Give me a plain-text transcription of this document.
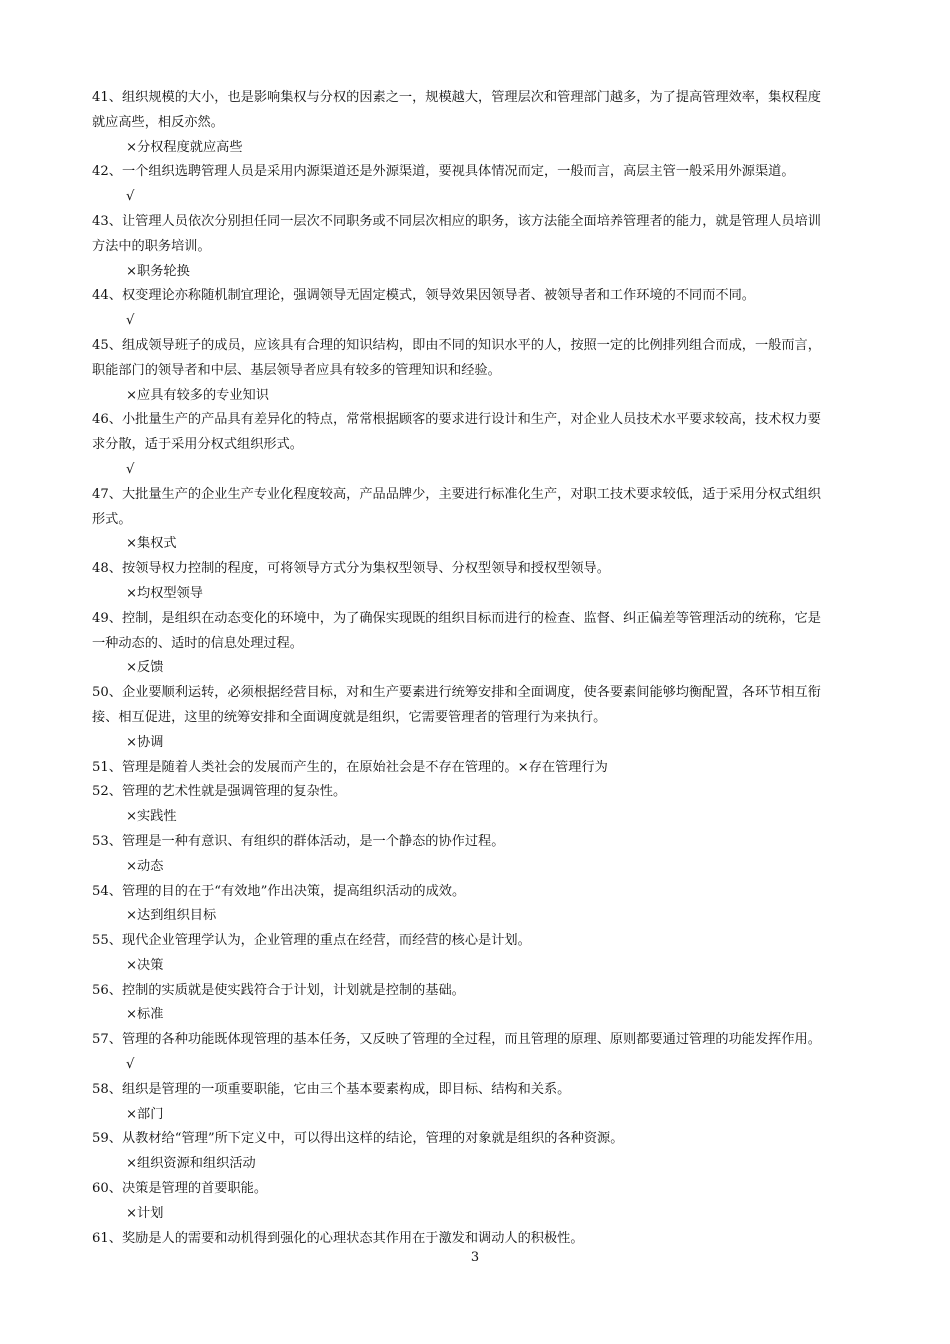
41、组织规模的大小，也是影响集权与分权的因素之一，规模越大，管理层次和管理部门越多，为了提高管理效率，集权程度
就应高些，相反亦然。
×分权程度就应高些
42、一个组织选聘管理人员是采用内源渠道还是外源渠道，要视具体情况而定，一般而言，高层主管一般采用外源渠道。
√
43、让管理人员依次分别担任同一层次不同职务或不同层次相应的职务，该方法能全面培养管理者的能力，就是管理人员培训
方法中的职务培训。
×职务轮换
44、权变理论亦称随机制宜理论，强调领导无固定模式，领导效果因领导者、被领导者和工作环境的不同而不同。
√
45、组成领导班子的成员，应该具有合理的知识结构，即由不同的知识水平的人，按照一定的比例排列组合而成，一般而言，
职能部门的领导者和中层、基层领导者应具有较多的管理知识和经验。
×应具有较多的专业知识
46、小批量生产的产品具有差异化的特点，常常根据顾客的要求进行设计和生产，对企业人员技术水平要求较高，技术权力要
求分散，适于采用分权式组织形式。
√
47、大批量生产的企业生产专业化程度较高，产品品牌少，主要进行标准化生产，对职工技术要求较低，适于采用分权式组织
形式。
×集权式
48、按领导权力控制的程度，可将领导方式分为集权型领导、分权型领导和授权型领导。
×均权型领导
49、控制，是组织在动态变化的环境中，为了确保实现既的组织目标而进行的检查、监督、纠正偏差等管理活动的统称，它是
一种动态的、适时的信息处理过程。
×反馈
50、企业要顺利运转，必须根据经营目标，对和生产要素进行统筹安排和全面调度，使各要素间能够均衡配置，各环节相互衔
接、相互促进，这里的统筹安排和全面调度就是组织，它需要管理者的管理行为来执行。
×协调
51、管理是随着人类社会的发展而产生的，在原始社会是不存在管理的。×存在管理行为
52、管理的艺术性就是强调管理的复杂性。
×实践性
53、管理是一种有意识、有组织的群体活动，是一个静态的协作过程。
×动态
54、管理的目的在于“有效地”作出决策，提高组织活动的成效。
×达到组织目标
55、现代企业管理学认为，企业管理的重点在经营，而经营的核心是计划。
×决策
56、控制的实质就是使实践符合于计划，计划就是控制的基础。
×标准
57、管理的各种功能既体现管理的基本任务，又反映了管理的全过程，而且管理的原理、原则都要通过管理的功能发挥作用。
√
58、组织是管理的一项重要职能，它由三个基本要素构成，即目标、结构和关系。
×部门
59、从教材给“管理”所下定义中，可以得出这样的结论，管理的对象就是组织的各种资源。
×组织资源和组织活动
60、决策是管理的首要职能。
×计划
61、奖励是人的需要和动机得到强化的心理状态其作用在于激发和调动人的积极性。
3
